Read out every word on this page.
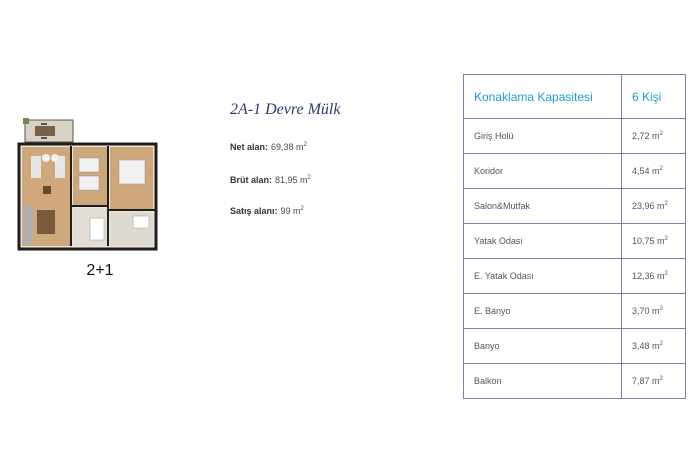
2+1
2A-1 Devre Mülk
Net alan: 69,38 $m^2$
Brüt alan: 81,95 $m^2$
Satış alanı: 99 $m^2$
Konaklama Kapasitesi	6 Kişi
Giriş Holü	2,72 $m^2$
Koridor	4,54 $m^2$
Salon&Mutfak	23,96 $m^2$
Yatak Odası	10,75 $m^2$
E. Yatak Odası	12,36 $m^2$
E. Banyo	3,70 $m^2$
Banyo	3,48 $m^2$
Balkon	7,87 $m^2$
